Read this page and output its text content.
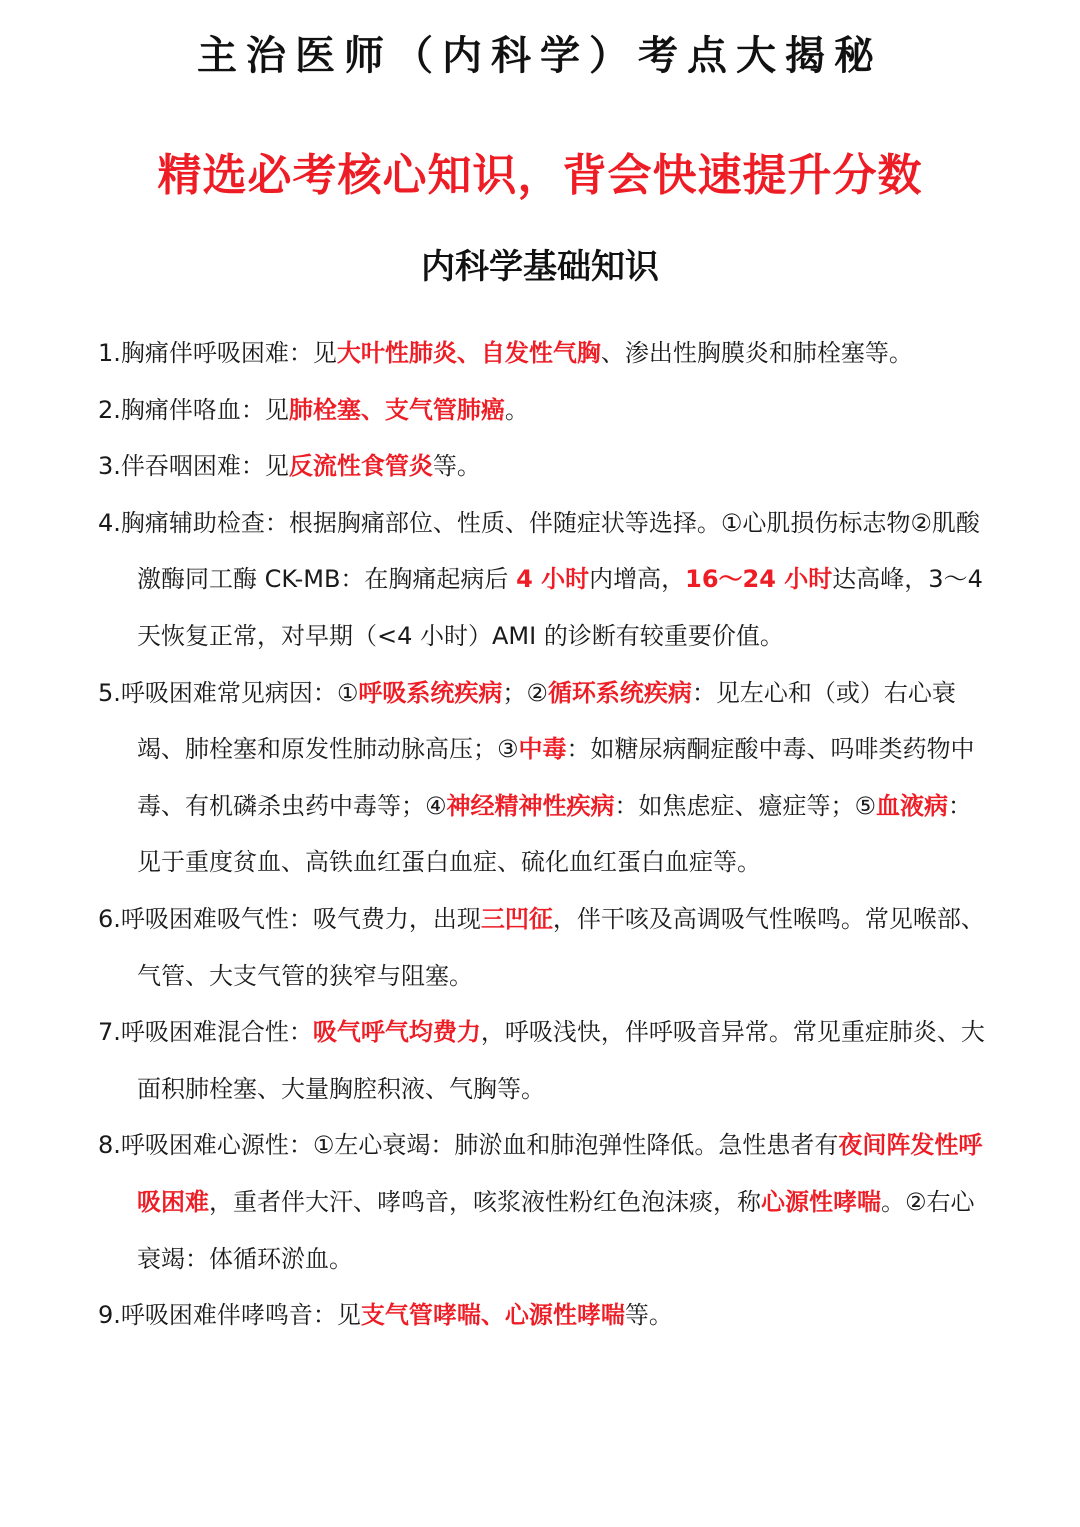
主治医师（内科学）考点大揭秘
精选必考核心知识，背会快速提升分数
内科学基础知识

1.胸痛伴呼吸困难：见大叶性肺炎、自发性气胸、渗出性胸膜炎和肺栓塞等。

2.胸痛伴咯血：见肺栓塞、支气管肺癌。

3.伴吞咽困难：见反流性食管炎等。

4.胸痛辅助检查：根据胸痛部位、性质、伴随症状等选择。①心肌损伤标志物②肌酸激酶同工酶 CK-MB：在胸痛起病后 4 小时内增高，16～24 小时达高峰，3～4 天恢复正常，对早期（<4 小时）AMI 的诊断有较重要价值。

5.呼吸困难常见病因：①呼吸系统疾病；②循环系统疾病：见左心和（或）右心衰竭、肺栓塞和原发性肺动脉高压；③中毒：如糖尿病酮症酸中毒、吗啡类药物中毒、有机磷杀虫药中毒等；④神经精神性疾病：如焦虑症、癔症等；⑤血液病：见于重度贫血、高铁血红蛋白血症、硫化血红蛋白血症等。

6.呼吸困难吸气性：吸气费力，出现三凹征，伴干咳及高调吸气性喉鸣。常见喉部、气管、大支气管的狭窄与阻塞。

7.呼吸困难混合性：吸气呼气均费力，呼吸浅快，伴呼吸音异常。常见重症肺炎、大面积肺栓塞、大量胸腔积液、气胸等。

8.呼吸困难心源性：①左心衰竭：肺淤血和肺泡弹性降低。急性患者有夜间阵发性呼吸困难，重者伴大汗、哮鸣音，咳浆液性粉红色泡沫痰，称心源性哮喘。②右心衰竭：体循环淤血。

9.呼吸困难伴哮鸣音：见支气管哮喘、心源性哮喘等。
